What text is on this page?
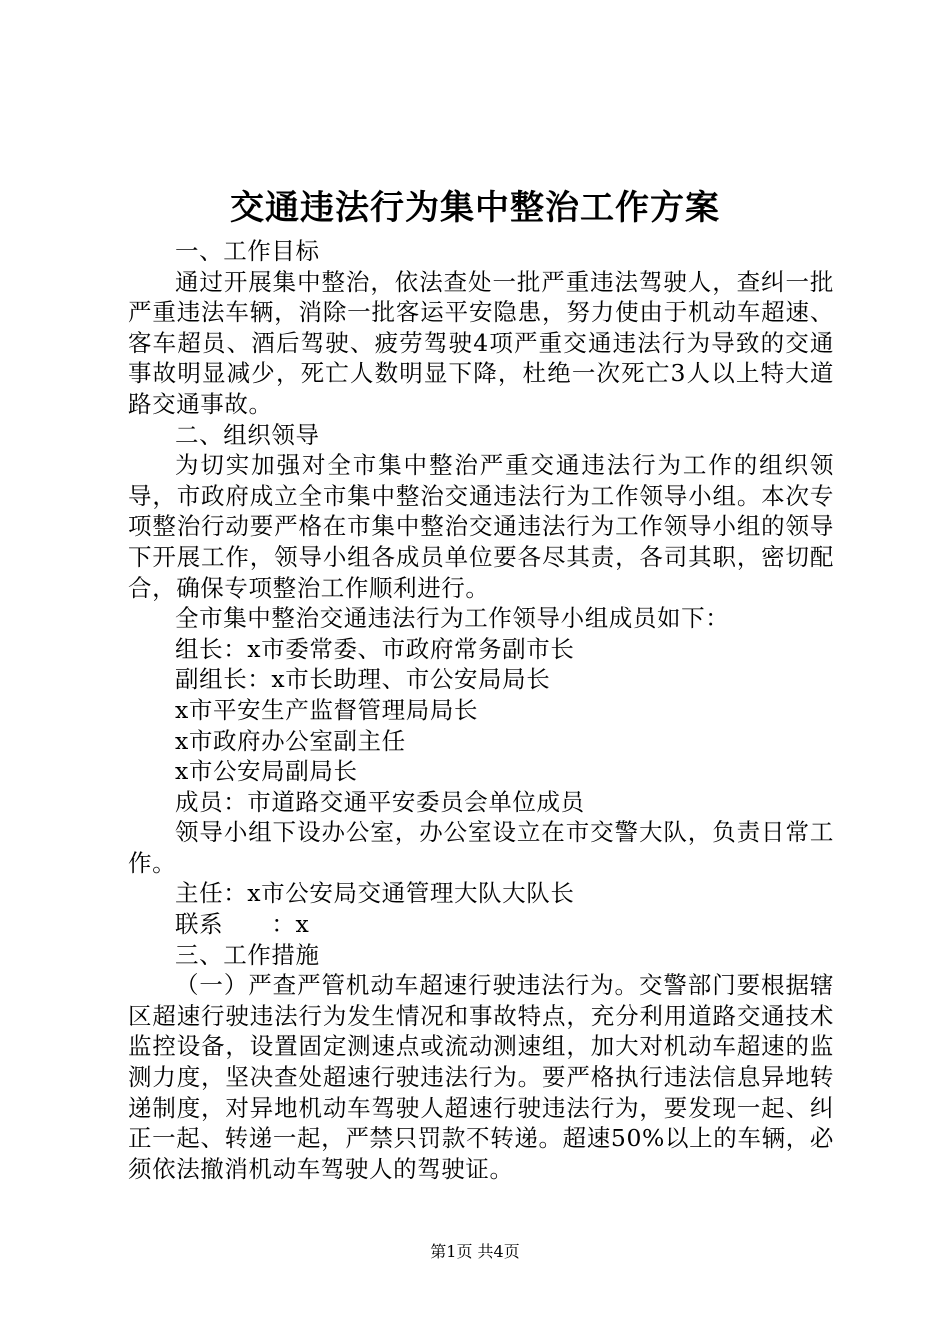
交通违法行为集中整治工作方案

一、工作目标

通过开展集中整治，依法查处一批严重违法驾驶人，查纠一批严重违法车辆，消除一批客运平安隐患，努力使由于机动车超速、客车超员、酒后驾驶、疲劳驾驶4项严重交通违法行为导致的交通事故明显减少，死亡人数明显下降，杜绝一次死亡3人以上特大道路交通事故。

二、组织领导

为切实加强对全市集中整治严重交通违法行为工作的组织领导，市政府成立全市集中整治交通违法行为工作领导小组。本次专项整治行动要严格在市集中整治交通违法行为工作领导小组的领导下开展工作，领导小组各成员单位要各尽其责，各司其职，密切配合，确保专项整治工作顺利进行。

全市集中整治交通违法行为工作领导小组成员如下：

组长：x市委常委、市政府常务副市长

副组长：x市长助理、市公安局局长

x市平安生产监督管理局局长

x市政府办公室副主任

x市公安局副局长

成员：市道路交通平安委员会单位成员

领导小组下设办公室，办公室设立在市交警大队，负责日常工作。

主任：x市公安局交通管理大队大队长

联系　　：x

三、工作措施

（一）严查严管机动车超速行驶违法行为。交警部门要根据辖区超速行驶违法行为发生情况和事故特点，充分利用道路交通技术监控设备，设置固定测速点或流动测速组，加大对机动车超速的监测力度，坚决查处超速行驶违法行为。要严格执行违法信息异地转递制度，对异地机动车驾驶人超速行驶违法行为，要发现一起、纠正一起、转递一起，严禁只罚款不转递。超速50%以上的车辆，必须依法撤消机动车驾驶人的驾驶证。

第1页 共4页
